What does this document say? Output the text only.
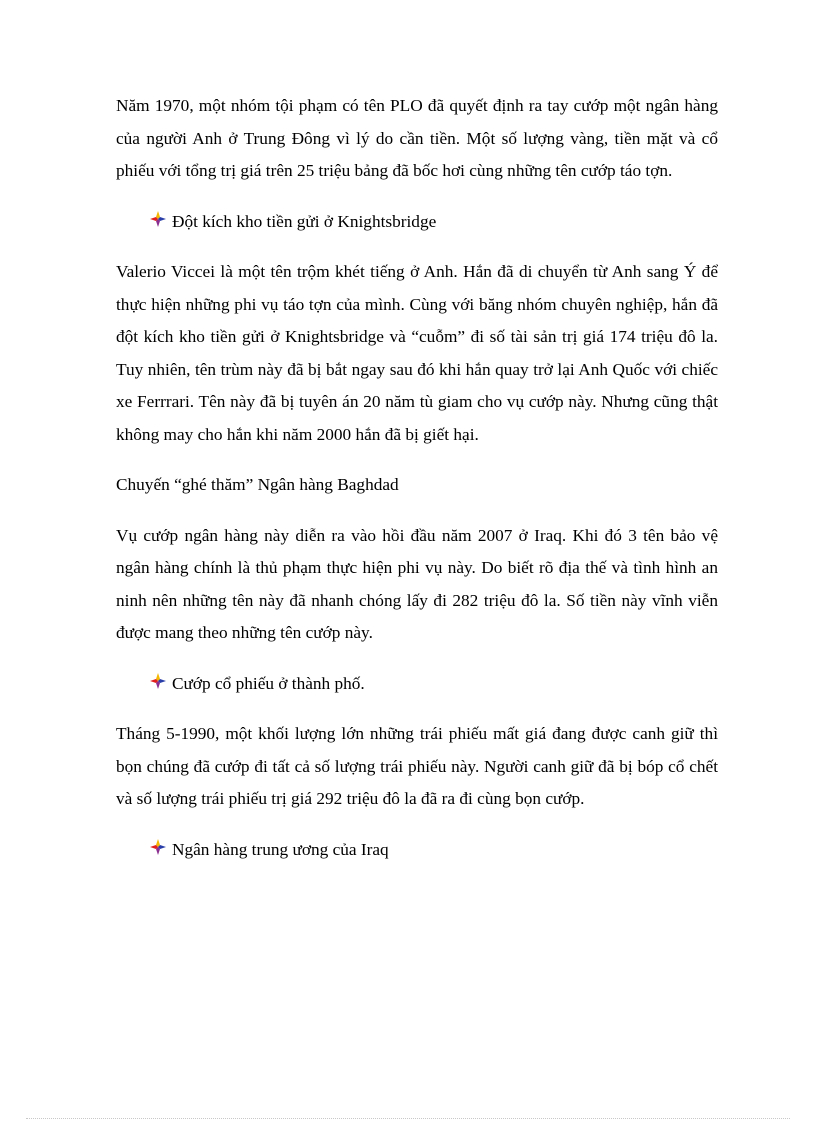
Năm 1970, một nhóm tội phạm có tên PLO đã quyết định ra tay cướp một ngân hàng của người Anh ở Trung Đông vì lý do cần tiền. Một số lượng vàng, tiền mặt và cổ phiếu với tổng trị giá trên 25 triệu bảng đã bốc hơi cùng những tên cướp táo tợn.

Đột kích kho tiền gửi ở Knightsbridge

Valerio Viccei là một tên trộm khét tiếng ở Anh. Hắn đã di chuyển từ Anh sang Ý để thực hiện những phi vụ táo tợn của mình. Cùng với băng nhóm chuyên nghiệp, hắn đã đột kích kho tiền gửi ở Knightsbridge và “cuỗm” đi số tài sản trị giá 174 triệu đô la. Tuy nhiên, tên trùm này đã bị bắt ngay sau đó khi hắn quay trở lại Anh Quốc với chiếc xe Ferrrari. Tên này đã bị tuyên án 20 năm tù giam cho vụ cướp này. Nhưng cũng thật không may cho hắn khi năm 2000 hắn đã bị giết hại.

Chuyến “ghé thăm” Ngân hàng Baghdad

Vụ cướp ngân hàng này diễn ra vào hồi đầu năm 2007 ở Iraq. Khi đó 3 tên bảo vệ ngân hàng chính là thủ phạm thực hiện phi vụ này. Do biết rõ địa thế và tình hình an ninh nên những tên này đã nhanh chóng lấy đi 282 triệu đô la. Số tiền này vĩnh viễn được mang theo những tên cướp này.

Cướp cổ phiếu ở thành phố.

Tháng 5-1990, một khối lượng lớn những trái phiếu mất giá đang được canh giữ thì bọn chúng đã cướp đi tất cả số lượng trái phiếu này. Người canh giữ đã bị bóp cổ chết và số lượng trái phiếu trị giá 292 triệu đô la đã ra đi cùng bọn cướp.

Ngân hàng trung ương của Iraq
